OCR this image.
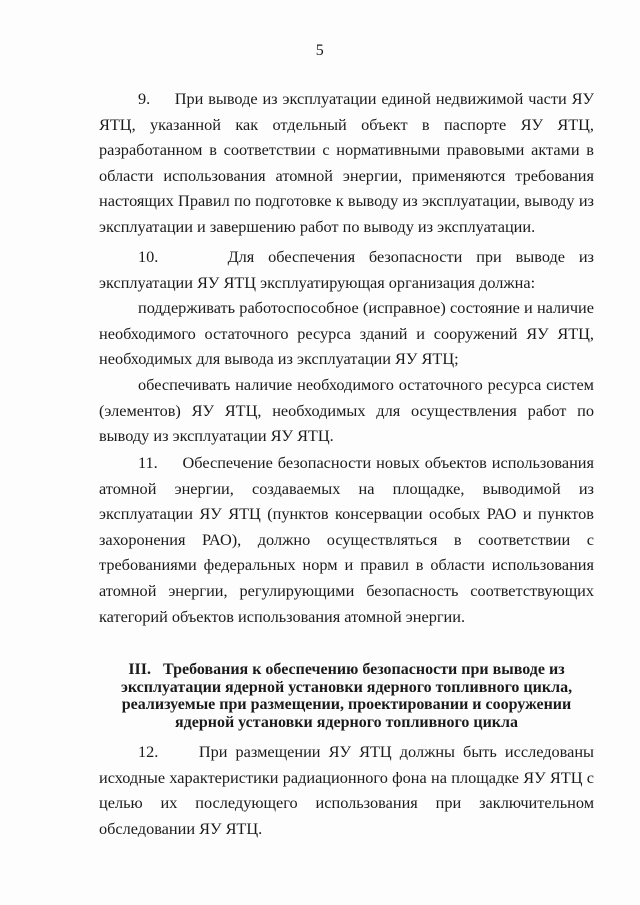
5

9. При выводе из эксплуатации единой недвижимой части ЯУ ЯТЦ, указанной как отдельный объект в паспорте ЯУ ЯТЦ, разработанном в соответствии с нормативными правовыми актами в области использования атомной энергии, применяются требования настоящих Правил по подготовке к выводу из эксплуатации, выводу из эксплуатации и завершению работ по выводу из эксплуатации.

10.	Для обеспечения безопасности при выводе из эксплуатации ЯУ ЯТЦ эксплуатирующая организация должна:

поддерживать работоспособное (исправное) состояние и наличие необходимого остаточного ресурса зданий и сооружений ЯУ ЯТЦ, необходимых для вывода из эксплуатации ЯУ ЯТЦ;

обеспечивать наличие необходимого остаточного ресурса систем (элементов) ЯУ ЯТЦ, необходимых для осуществления работ по выводу из эксплуатации ЯУ ЯТЦ.

11. Обеспечение безопасности новых объектов использования атомной энергии, создаваемых на площадке, выводимой из эксплуатации ЯУ ЯТЦ (пунктов консервации особых РАО и пунктов захоронения РАО), должно осуществляться в соответствии с требованиями федеральных норм и правил в области использования атомной энергии, регулирующими безопасность соответствующих категорий объектов использования атомной энергии.

III. Требования к обеспечению безопасности при выводе из эксплуатации ядерной установки ядерного топливного цикла, реализуемые при размещении, проектировании и сооружении ядерной установки ядерного топливного цикла

12. При размещении ЯУ ЯТЦ должны быть исследованы исходные характеристики радиационного фона на площадке ЯУ ЯТЦ с целью их последующего использования при заключительном обследовании ЯУ ЯТЦ.
